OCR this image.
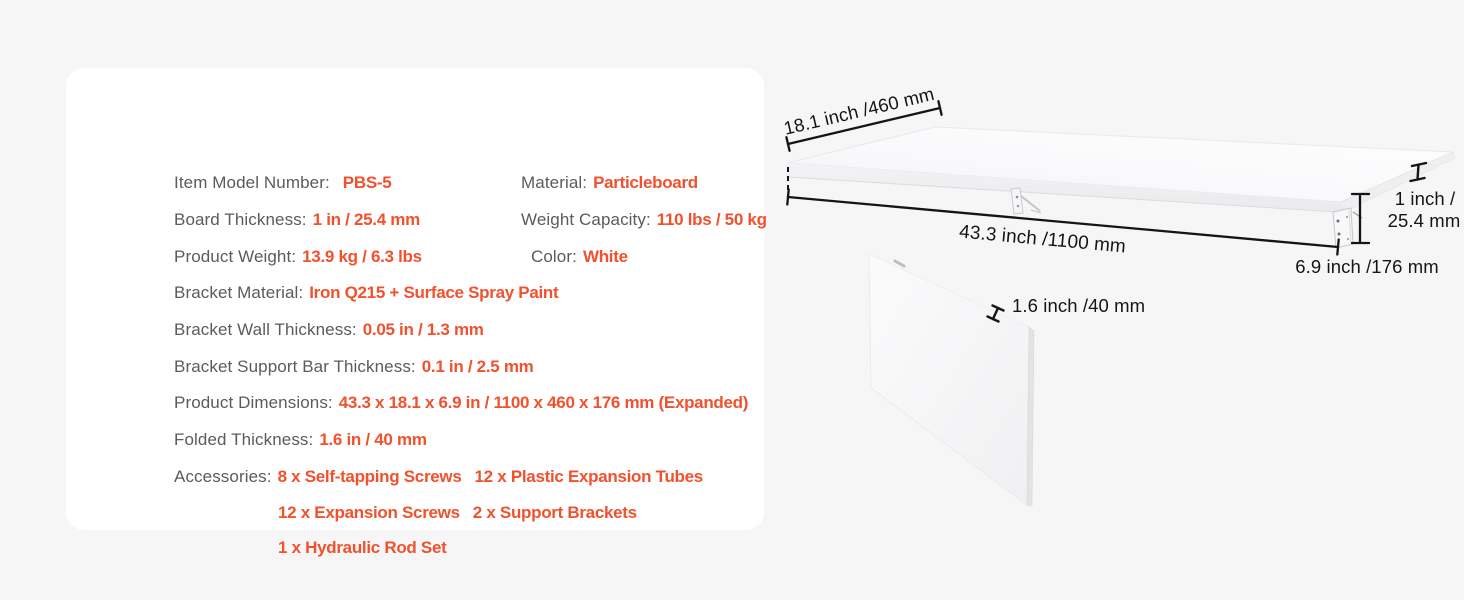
Item Model Number: PBS-5	Material: Particleboard
Board Thickness: 1 in / 25.4 mm	Weight Capacity: 110 lbs / 50 kg
Product Weight: 13.9 kg / 6.3 lbs	Color: White
Bracket Material: Iron Q215 + Surface Spray Paint
Bracket Wall Thickness: 0.05 in / 1.3 mm
Bracket Support Bar Thickness: 0.1 in / 2.5 mm
Product Dimensions: 43.3 x 18.1 x 6.9 in / 1100 x 460 x 176 mm (Expanded)
Folded Thickness: 1.6 in / 40 mm
Accessories: 8 x Self-tapping Screws 12 x Plastic Expansion Tubes
12 x Expansion Screws 2 x Support Brackets
1 x Hydraulic Rod Set
18.1 inch /460 mm
43.3 inch /1100 mm
1 inch /
25.4 mm
6.9 inch /176 mm
1.6 inch /40 mm
